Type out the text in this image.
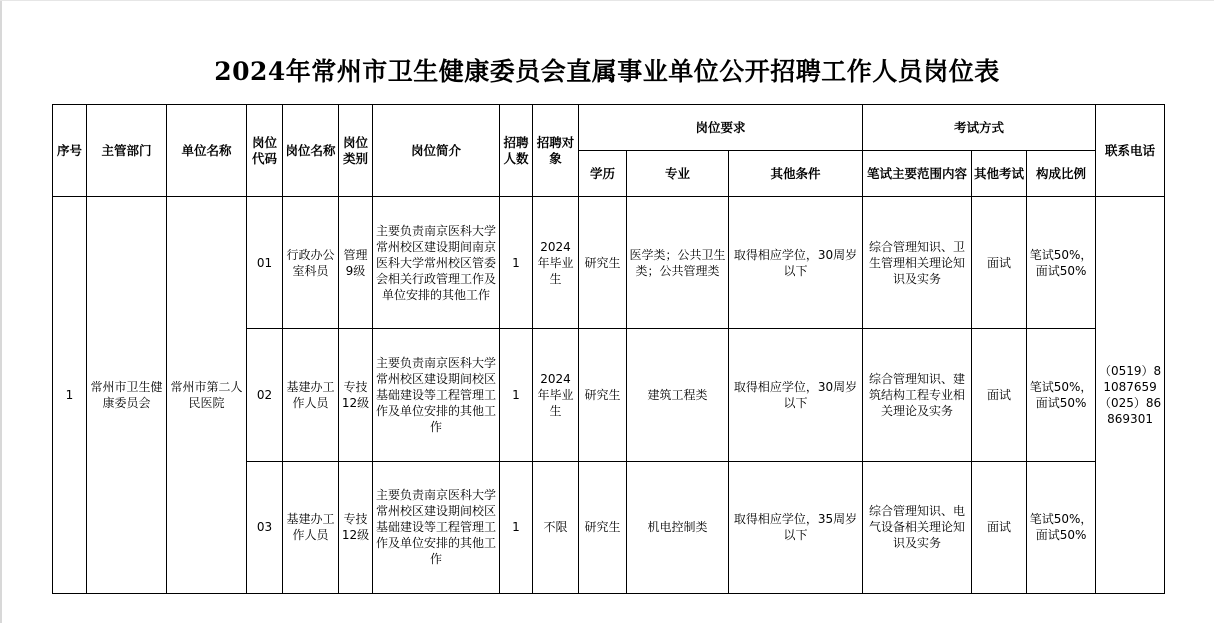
2024年常州市卫生健康委员会直属事业单位公开招聘工作人员岗位表
序号	主管部门	单位名称	岗位代码	岗位名称	岗位类别	岗位简介	招聘人数	招聘对象	岗位要求			考试方式			联系电话
									学历	专业	其他条件	笔试主要范围内容	其他考试	构成比例	
1	常州市卫生健康委员会	常州市第二人民医院	01	行政办公室科员	管理9级	主要负责南京医科大学常州校区建设期间南京医科大学常州校区管委会相关行政管理工作及单位安排的其他工作	1	2024年毕业生	研究生	医学类；公共卫生类；公共管理类	取得相应学位，30周岁以下	综合管理知识、卫生管理相关理论知识及实务	面试	笔试50%，面试50%	（0519）81087659
（025）86869301

			02	基建办工作人员	专技12级	主要负责南京医科大学常州校区建设期间校区基础建设等工程管理工作及单位安排的其他工作	1	2024年毕业生	研究生	建筑工程类	取得相应学位，30周岁以下	综合管理知识、建筑结构工程专业相关理论及实务	面试	笔试50%，面试50%	
			03	基建办工作人员	专技12级	主要负责南京医科大学常州校区建设期间校区基础建设等工程管理工作及单位安排的其他工作	1	不限	研究生	机电控制类	取得相应学位，35周岁以下	综合管理知识、电气设备相关理论知识及实务	面试	笔试50%，面试50%	
